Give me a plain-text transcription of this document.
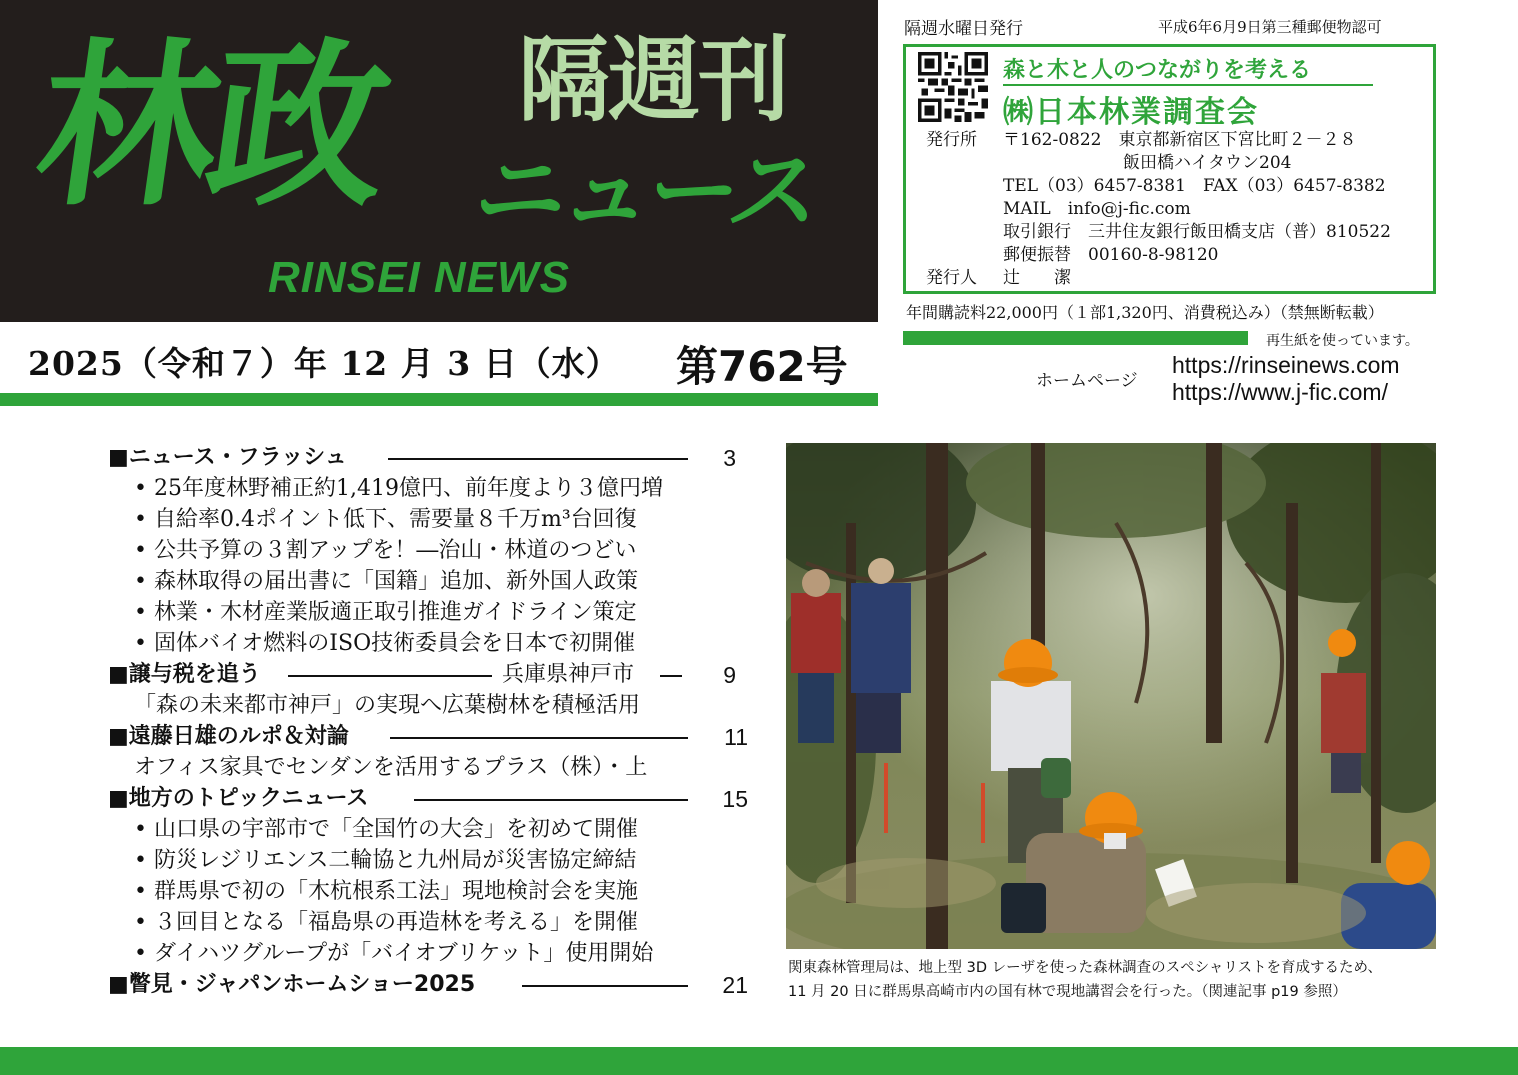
林政 隔週刊
ニュース
RINSEI NEWS
2025（令和７）年 12 月 3 日（水） 第762号
隔週水曜日発行	平成6年6月9日第三種郵便物認可
森と木と人のつながりを考える
㈱日本林業調査会
発行所 〒162-0822　東京都新宿区下宮比町２－２８
飯田橋ハイタウン204
TEL（03）6457-8381　FAX（03）6457-8382
MAIL　info@j-fic.com
取引銀行　三井住友銀行飯田橋支店（普）810522
郵便振替　00160-8-98120
発行人 辻　　潔
年間購読料22,000円（１部1,320円、消費税込み）（禁無断転載）
再生紙を使っています。
ホームページ
https://rinseinews.com
https://www.j-fic.com/
■ニュース・フラッシュ	3
• 25年度林野補正約1,419億円、前年度より３億円増
• 自給率0.4ポイント低下、需要量８千万m³台回復
• 公共予算の３割アップを！―治山・林道のつどい
• 森林取得の届出書に「国籍」追加、新外国人政策
• 林業・木材産業版適正取引推進ガイドライン策定
• 固体バイオ燃料のISO技術委員会を日本で初開催
■譲与税を追う	兵庫県神戸市	9
「森の未来都市神戸」の実現へ広葉樹林を積極活用
■遠藤日雄のルポ＆対論	11
オフィス家具でセンダンを活用するプラス（株）・上
■地方のトピックニュース	15
• 山口県の宇部市で「全国竹の大会」を初めて開催
• 防災レジリエンス二輪協と九州局が災害協定締結
• 群馬県で初の「木杭根系工法」現地検討会を実施
• ３回目となる「福島県の再造林を考える」を開催
• ダイハツグループが「バイオブリケット」使用開始
■瞥見・ジャパンホームショー2025	21
関東森林管理局は、地上型 3D レーザを使った森林調査のスペシャリストを育成するため、
11 月 20 日に群馬県高崎市内の国有林で現地講習会を行った。（関連記事 p19 参照）
